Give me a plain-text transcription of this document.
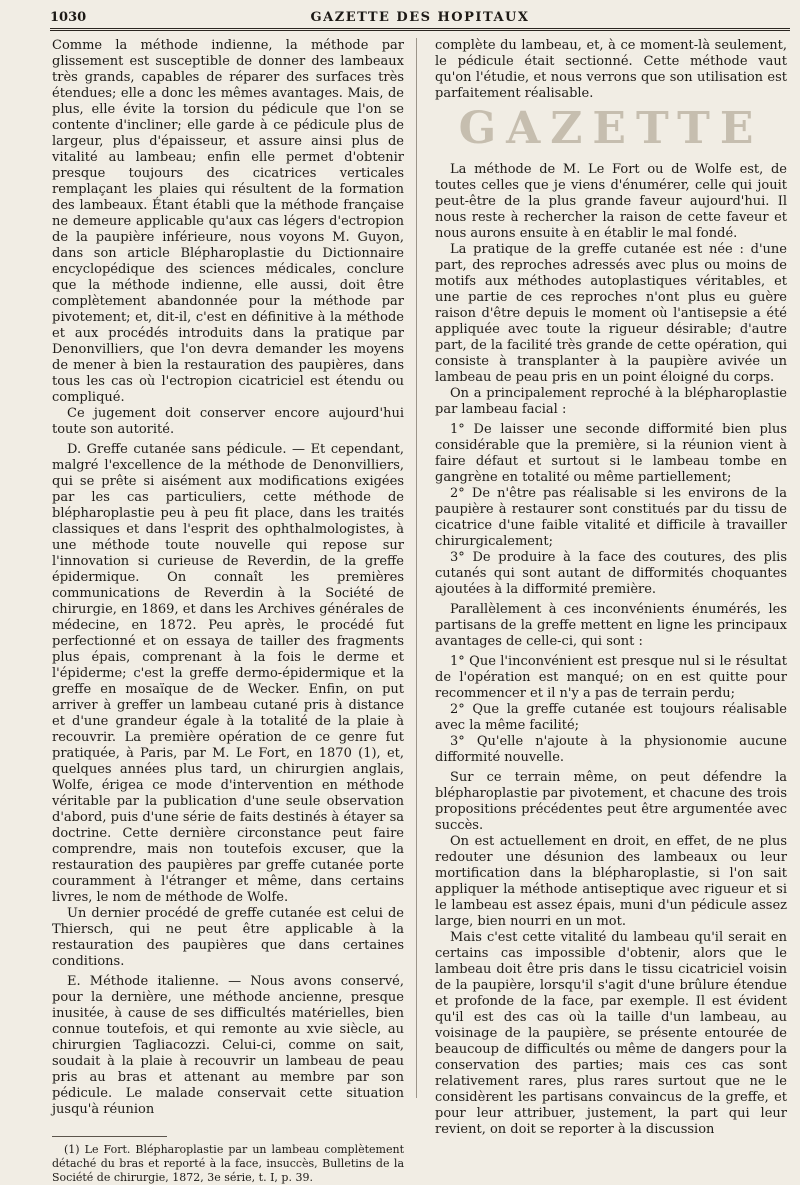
1030	GAZETTE DES HOPITAUX

Comme la méthode indienne, la méthode par glissement est susceptible de donner des lambeaux très grands, capables de réparer des surfaces très étendues; elle a donc les mêmes avantages. Mais, de plus, elle évite la torsion du pédicule que l'on se contente d'incliner; elle garde à ce pédicule plus de largeur, plus d'épaisseur, et assure ainsi plus de vitalité au lambeau; enfin elle permet d'obtenir presque toujours des cicatrices verticales remplaçant les plaies qui résultent de la formation des lambeaux. Étant établi que la méthode française ne demeure applicable qu'aux cas légers d'ectropion de la paupière inférieure, nous voyons M. Guyon, dans son article Blépharoplastie du Dictionnaire encyclopédique des sciences médicales, conclure que la méthode indienne, elle aussi, doit être complètement abandonnée pour la méthode par pivotement; et, dit-il, c'est en définitive à la méthode et aux procédés introduits dans la pratique par Denonvilliers, que l'on devra demander les moyens de mener à bien la restauration des paupières, dans tous les cas où l'ectropion cicatriciel est étendu ou compliqué.

Ce jugement doit conserver encore aujourd'hui toute son autorité.

D. Greffe cutanée sans pédicule. — Et cependant, malgré l'excellence de la méthode de Denonvilliers, qui se prête si aisément aux modifications exigées par les cas particuliers, cette méthode de blépharoplastie peu à peu fit place, dans les traités classiques et dans l'esprit des ophthalmologistes, à une méthode toute nouvelle qui repose sur l'innovation si curieuse de Reverdin, de la greffe épidermique. On connaît les premières communications de Reverdin à la Société de chirurgie, en 1869, et dans les Archives générales de médecine, en 1872. Peu après, le procédé fut perfectionné et on essaya de tailler des fragments plus épais, comprenant à la fois le derme et l'épiderme; c'est la greffe dermo-épidermique et la greffe en mosaïque de de Wecker. Enfin, on put arriver à greffer un lambeau cutané pris à distance et d'une grandeur égale à la totalité de la plaie à recouvrir. La première opération de ce genre fut pratiquée, à Paris, par M. Le Fort, en 1870 (1), et, quelques années plus tard, un chirurgien anglais, Wolfe, érigea ce mode d'intervention en méthode véritable par la publication d'une seule observation d'abord, puis d'une série de faits destinés à étayer sa doctrine. Cette dernière circonstance peut faire comprendre, mais non toutefois excuser, que la restauration des paupières par greffe cutanée porte couramment à l'étranger et même, dans certains livres, le nom de méthode de Wolfe.

Un dernier procédé de greffe cutanée est celui de Thiersch, qui ne peut être applicable à la restauration des paupières que dans certaines conditions.

E. Méthode italienne. — Nous avons conservé, pour la dernière, une méthode ancienne, presque inusitée, à cause de ses difficultés matérielles, bien connue toutefois, et qui remonte au xvie siècle, au chirurgien Tagliacozzi. Celui-ci, comme on sait, soudait à la plaie à recouvrir un lambeau de peau pris au bras et attenant au membre par son pédicule. Le malade conservait cette situation jusqu'à réunion

(1) Le Fort. Blépharoplastie par un lambeau complètement détaché du bras et reporté à la face, insuccès, Bulletins de la Société de chirurgie, 1872, 3e série, t. I, p. 39.

complète du lambeau, et, à ce moment-là seulement, le pédicule était sectionné. Cette méthode vaut qu'on l'étudie, et nous verrons que son utilisation est parfaitement réalisable.

GAZETTE

La méthode de M. Le Fort ou de Wolfe est, de toutes celles que je viens d'énumérer, celle qui jouit peut-être de la plus grande faveur aujourd'hui. Il nous reste à rechercher la raison de cette faveur et nous aurons ensuite à en établir le mal fondé.

La pratique de la greffe cutanée est née : d'une part, des reproches adressés avec plus ou moins de motifs aux méthodes autoplastiques véritables, et une partie de ces reproches n'ont plus eu guère raison d'être depuis le moment où l'antisepsie a été appliquée avec toute la rigueur désirable; d'autre part, de la facilité très grande de cette opération, qui consiste à transplanter à la paupière avivée un lambeau de peau pris en un point éloigné du corps.

On a principalement reproché à la blépharoplastie par lambeau facial :

1° De laisser une seconde difformité bien plus considérable que la première, si la réunion vient à faire défaut et surtout si le lambeau tombe en gangrène en totalité ou même partiellement;

2° De n'être pas réalisable si les environs de la paupière à restaurer sont constitués par du tissu de cicatrice d'une faible vitalité et difficile à travailler chirurgicalement;

3° De produire à la face des coutures, des plis cutanés qui sont autant de difformités choquantes ajoutées à la difformité première.

Parallèlement à ces inconvénients énumérés, les partisans de la greffe mettent en ligne les principaux avantages de celle-ci, qui sont :

1° Que l'inconvénient est presque nul si le résultat de l'opération est manqué; on en est quitte pour recommencer et il n'y a pas de terrain perdu;

2° Que la greffe cutanée est toujours réalisable avec la même facilité;

3° Qu'elle n'ajoute à la physionomie aucune difformité nouvelle.

Sur ce terrain même, on peut défendre la blépharoplastie par pivotement, et chacune des trois propositions précédentes peut être argumentée avec succès.

On est actuellement en droit, en effet, de ne plus redouter une désunion des lambeaux ou leur mortification dans la blépharoplastie, si l'on sait appliquer la méthode antiseptique avec rigueur et si le lambeau est assez épais, muni d'un pédicule assez large, bien nourri en un mot.

Mais c'est cette vitalité du lambeau qu'il serait en certains cas impossible d'obtenir, alors que le lambeau doit être pris dans le tissu cicatriciel voisin de la paupière, lorsqu'il s'agit d'une brûlure étendue et profonde de la face, par exemple. Il est évident qu'il est des cas où la taille d'un lambeau, au voisinage de la paupière, se présente entourée de beaucoup de difficultés ou même de dangers pour la conservation des parties; mais ces cas sont relativement rares, plus rares surtout que ne le considèrent les partisans convaincus de la greffe, et pour leur attribuer, justement, la part qui leur revient, on doit se reporter à la discussion
